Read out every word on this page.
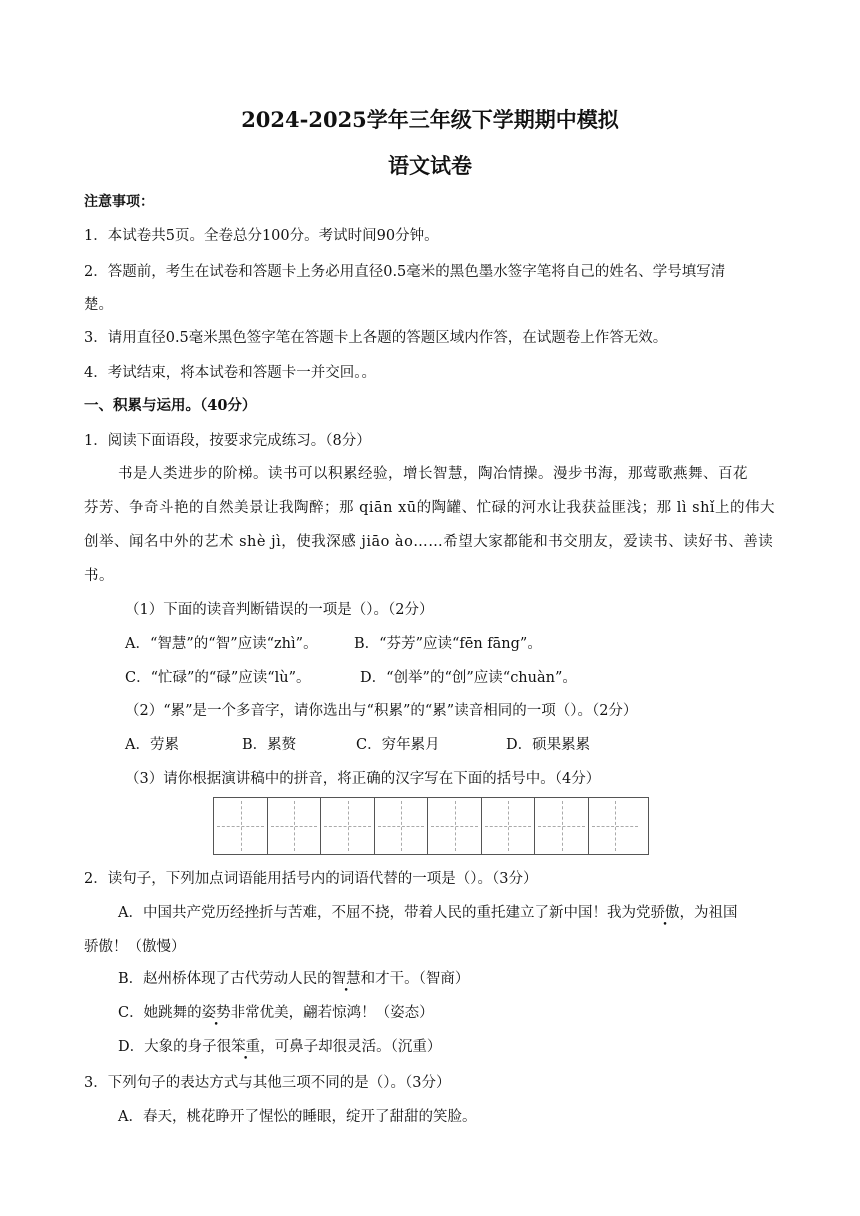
2024-2025学年三年级下学期期中模拟
语文试卷
注意事项：
1．本试卷共5页。全卷总分100分。考试时间90分钟。
2．答题前，考生在试卷和答题卡上务必用直径0.5毫米的黑色墨水签字笔将自己的姓名、学号填写清
楚。
3．请用直径0.5毫米黑色签字笔在答题卡上各题的答题区域内作答，在试题卷上作答无效。
4．考试结束，将本试卷和答题卡一并交回。。
一、积累与运用。（40分）
1．阅读下面语段，按要求完成练习。（8分）
书是人类进步的阶梯。读书可以积累经验，增长智慧，陶冶情操。漫步书海，那莺歌燕舞、百花
芬芳、争奇斗艳的自然美景让我陶醉；那 qiān xū的陶罐、忙碌的河水让我获益匪浅；那 lì shǐ上的伟大
创举、闻名中外的艺术 shè jì，使我深感 jiāo ào……希望大家都能和书交朋友，爱读书、读好书、善读
书。
（1）下面的读音判断错误的一项是（）。（2分）
A．“智慧”的“智”应读“zhì”。	B．“芬芳”应读“fēn fāng”。
C．“忙碌”的“碌”应读“lù”。	D．“创举”的“创”应读“chuàn”。
（2）“累”是一个多音字，请你选出与“积累”的“累”读音相同的一项（）。（2分）
A．劳累	B．累赘	C．穷年累月	D．硕果累累
（3）请你根据演讲稿中的拼音，将正确的汉字写在下面的括号中。（4分）
2．读句子，下列加点词语能用括号内的词语代替的一项是（）。（3分）
A．中国共产党历经挫折与苦难，不屈不挠，带着人民的重托建立了新中国！我为党骄傲，为祖国
骄傲！（傲慢）
B．赵州桥体现了古代劳动人民的智慧和才干。（智商）
C．她跳舞的姿势非常优美，翩若惊鸿！（姿态）
D．大象的身子很笨重，可鼻子却很灵活。（沉重）
3．下列句子的表达方式与其他三项不同的是（）。（3分）
A．春天，桃花睁开了惺忪的睡眼，绽开了甜甜的笑脸。
